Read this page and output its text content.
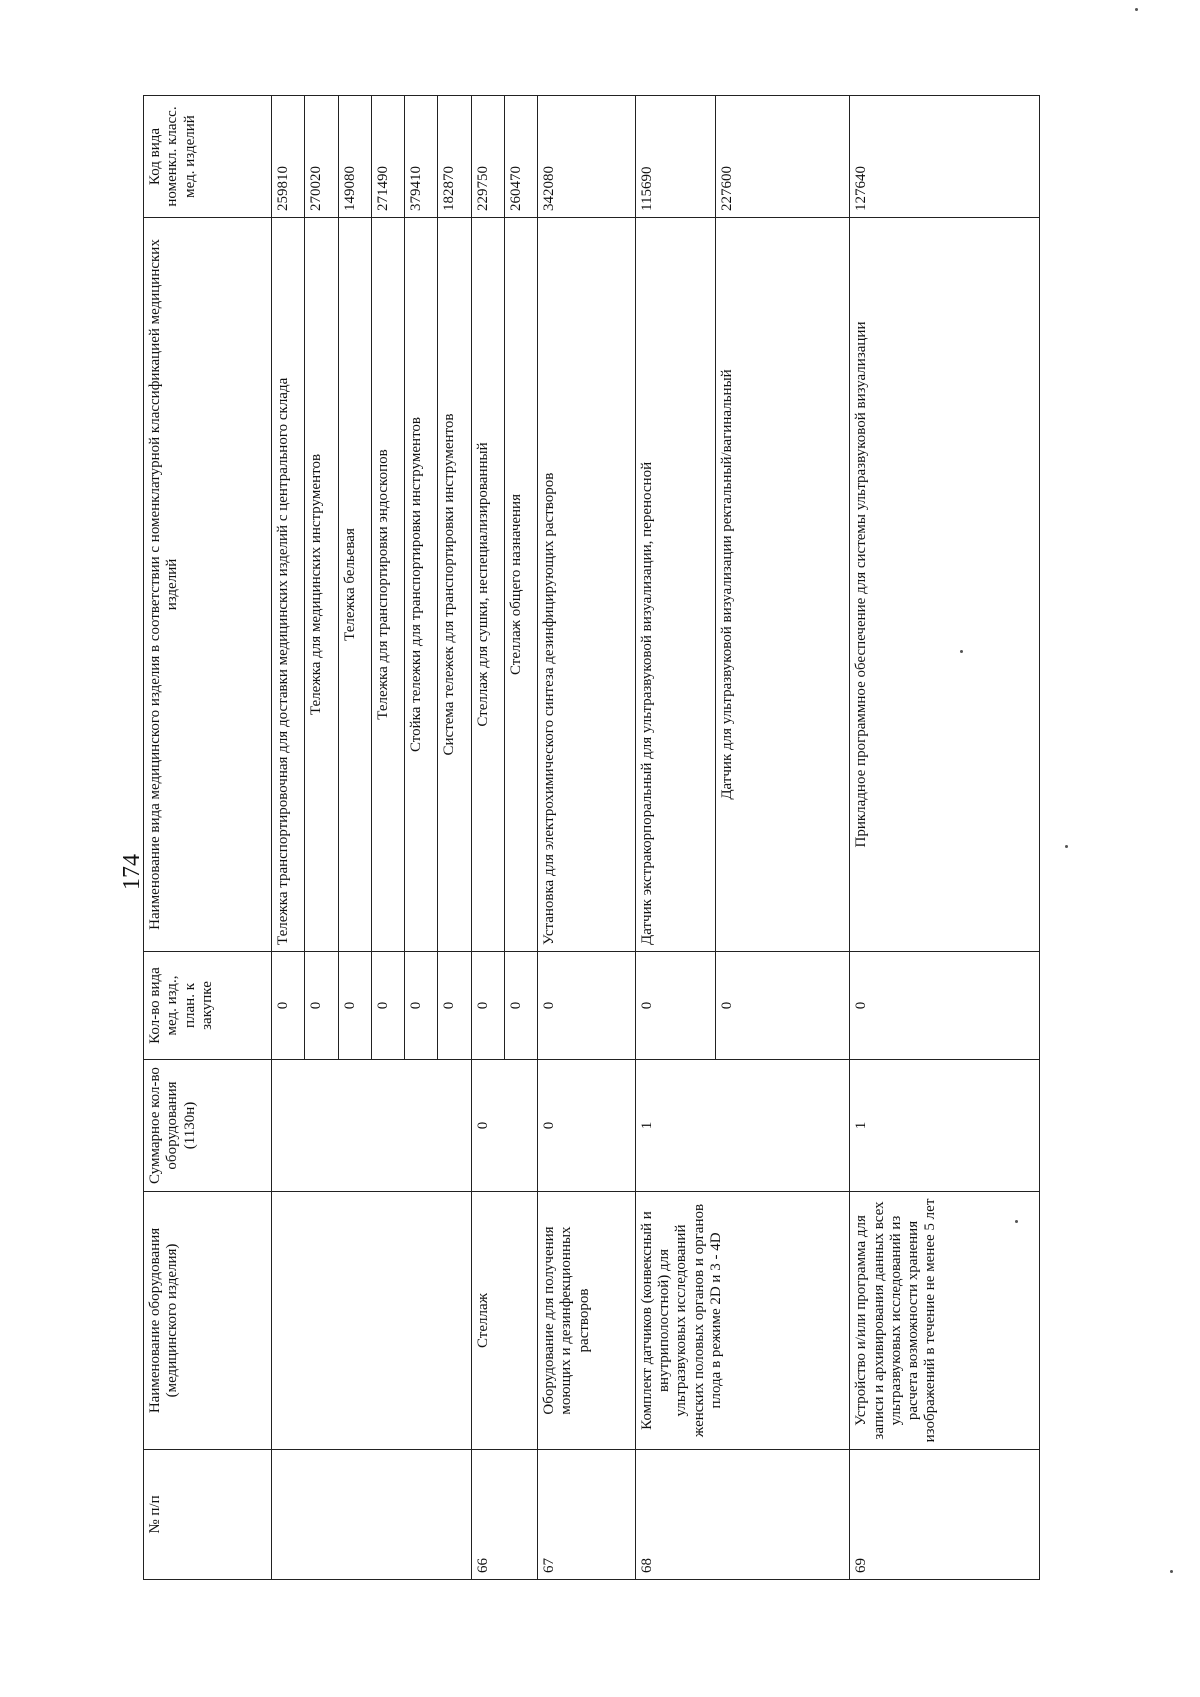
174
№ п/п	Наименование оборудования (медицинского изделия)	Суммарное кол-во оборудования (1130н)	Кол-во вида мед. изд., план. к закупке	Наименование вида медицинского изделия в соответствии с номенклатурной классификацией медицинских изделий	Код вида номенкл. класс. мед. изделий
			0	Тележка транспортировочная для доставки медицинских изделий с центрального склада	259810
			0	Тележка для медицинских инструментов	270020
			0	Тележка бельевая	149080
			0	Тележка для транспортировки эндоскопов	271490
			0	Стойка тележки для транспортировки инструментов	379410
			0	Система тележек для транспортировки инструментов	182870
66	Стеллаж	0	0	Стеллаж для сушки, неспециализированный	229750
			0	Стеллаж общего назначения	260470
67	Оборудование для получения моющих и дезинфекционных растворов	0	0	Установка для электрохимического синтеза дезинфицирующих растворов	342080
68	Комплект датчиков (конвексный и внутриполостной) для ультразвуковых исследований женских половых органов и органов плода в режиме 2D и 3 - 4D	1	0	Датчик экстракорпоральный для ультразвуковой визуализации, переносной	115690
			0	Датчик для ультразвуковой визуализации ректальный/вагинальный	227600
69	Устройство и/или программа для записи и архивирования данных всех ультразвуковых исследований из расчета возможности хранения изображений в течение не менее 5 лет	1	0	Прикладное программное обеспечение для системы ультразвуковой визуализации	127640
